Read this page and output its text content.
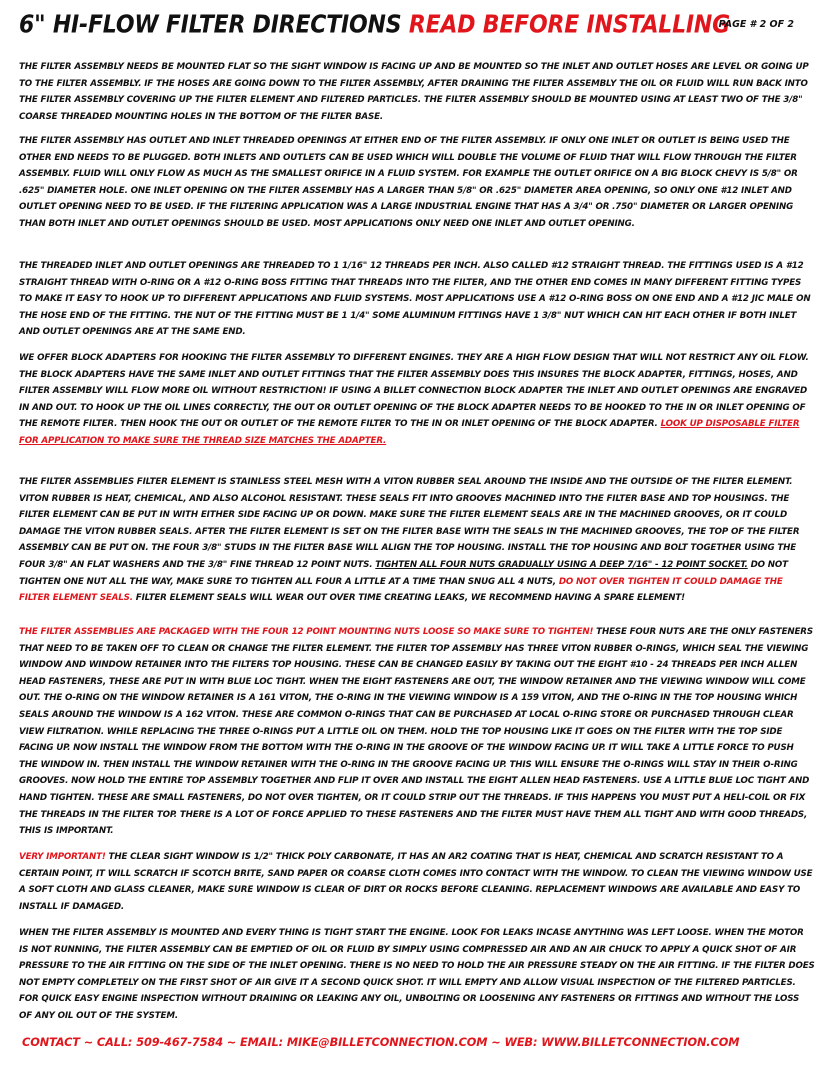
6" HI-FLOW FILTER DIRECTIONS READ BEFORE INSTALLING
PAGE # 2 OF 2
THE FILTER ASSEMBLY NEEDS BE MOUNTED FLAT SO THE SIGHT WINDOW IS FACING UP AND BE MOUNTED SO THE INLET AND OUTLET HOSES ARE LEVEL OR GOING UP TO THE FILTER ASSEMBLY. IF THE HOSES ARE GOING DOWN TO THE FILTER ASSEMBLY, AFTER DRAINING THE FILTER ASSEMBLY THE OIL OR FLUID WILL RUN BACK INTO THE FILTER ASSEMBLY COVERING UP THE FILTER ELEMENT AND FILTERED PARTICLES. THE FILTER ASSEMBLY SHOULD BE MOUNTED USING AT LEAST TWO OF THE 3/8" COARSE THREADED MOUNTING HOLES IN THE BOTTOM OF THE FILTER BASE.
THE FILTER ASSEMBLY HAS OUTLET AND INLET THREADED OPENINGS AT EITHER END OF THE FILTER ASSEMBLY. IF ONLY ONE INLET OR OUTLET IS BEING USED THE OTHER END NEEDS TO BE PLUGGED. BOTH INLETS AND OUTLETS CAN BE USED WHICH WILL DOUBLE THE VOLUME OF FLUID THAT WILL FLOW THROUGH THE FILTER ASSEMBLY. FLUID WILL ONLY FLOW AS MUCH AS THE SMALLEST ORIFICE IN A FLUID SYSTEM. FOR EXAMPLE THE OUTLET ORIFICE ON A BIG BLOCK CHEVY IS 5/8" OR .625" DIAMETER HOLE. ONE INLET OPENING ON THE FILTER ASSEMBLY HAS A LARGER THAN 5/8" OR .625" DIAMETER AREA OPENING, SO ONLY ONE #12 INLET AND OUTLET OPENING NEED TO BE USED. IF THE FILTERING APPLICATION WAS A LARGE INDUSTRIAL ENGINE THAT HAS A 3/4" OR .750" DIAMETER OR LARGER OPENING THAN BOTH INLET AND OUTLET OPENINGS SHOULD BE USED. MOST APPLICATIONS ONLY NEED ONE INLET AND OUTLET OPENING.
THE THREADED INLET AND OUTLET OPENINGS ARE THREADED TO 1 1/16" 12 THREADS PER INCH. ALSO CALLED #12 STRAIGHT THREAD. THE FITTINGS USED IS A #12 STRAIGHT THREAD WITH O-RING OR A #12 O-RING BOSS FITTING THAT THREADS INTO THE FILTER, AND THE OTHER END COMES IN MANY DIFFERENT FITTING TYPES TO MAKE IT EASY TO HOOK UP TO DIFFERENT APPLICATIONS AND FLUID SYSTEMS. MOST APPLICATIONS USE A #12 O-RING BOSS ON ONE END AND A #12 JIC MALE ON THE HOSE END OF THE FITTING. THE NUT OF THE FITTING MUST BE 1 1/4" SOME ALUMINUM FITTINGS HAVE 1 3/8" NUT WHICH CAN HIT EACH OTHER IF BOTH INLET AND OUTLET OPENINGS ARE AT THE SAME END.
WE OFFER BLOCK ADAPTERS FOR HOOKING THE FILTER ASSEMBLY TO DIFFERENT ENGINES. THEY ARE A HIGH FLOW DESIGN THAT WILL NOT RESTRICT ANY OIL FLOW. THE BLOCK ADAPTERS HAVE THE SAME INLET AND OUTLET FITTINGS THAT THE FILTER ASSEMBLY DOES THIS INSURES THE BLOCK ADAPTER, FITTINGS, HOSES, AND FILTER ASSEMBLY WILL FLOW MORE OIL WITHOUT RESTRICTION! IF USING A BILLET CONNECTION BLOCK ADAPTER THE INLET AND OUTLET OPENINGS ARE ENGRAVED IN AND OUT. TO HOOK UP THE OIL LINES CORRECTLY, THE OUT OR OUTLET OPENING OF THE BLOCK ADAPTER NEEDS TO BE HOOKED TO THE IN OR INLET OPENING OF THE REMOTE FILTER. THEN HOOK THE OUT OR OUTLET OF THE REMOTE FILTER TO THE IN OR INLET OPENING OF THE BLOCK ADAPTER. LOOK UP DISPOSABLE FILTER FOR APPLICATION TO MAKE SURE THE THREAD SIZE MATCHES THE ADAPTER.
THE FILTER ASSEMBLIES FILTER ELEMENT IS STAINLESS STEEL MESH WITH A VITON RUBBER SEAL AROUND THE INSIDE AND THE OUTSIDE OF THE FILTER ELEMENT. VITON RUBBER IS HEAT, CHEMICAL, AND ALSO ALCOHOL RESISTANT. THESE SEALS FIT INTO GROOVES MACHINED INTO THE FILTER BASE AND TOP HOUSINGS. THE FILTER ELEMENT CAN BE PUT IN WITH EITHER SIDE FACING UP OR DOWN. MAKE SURE THE FILTER ELEMENT SEALS ARE IN THE MACHINED GROOVES, OR IT COULD DAMAGE THE VITON RUBBER SEALS. AFTER THE FILTER ELEMENT IS SET ON THE FILTER BASE WITH THE SEALS IN THE MACHINED GROOVES, THE TOP OF THE FILTER ASSEMBLY CAN BE PUT ON. THE FOUR 3/8" STUDS IN THE FILTER BASE WILL ALIGN THE TOP HOUSING. INSTALL THE TOP HOUSING AND BOLT TOGETHER USING THE FOUR 3/8" AN FLAT WASHERS AND THE 3/8" FINE THREAD 12 POINT NUTS. TIGHTEN ALL FOUR NUTS GRADUALLY USING A DEEP 7/16" - 12 POINT SOCKET. DO NOT TIGHTEN ONE NUT ALL THE WAY, MAKE SURE TO TIGHTEN ALL FOUR A LITTLE AT A TIME THAN SNUG ALL 4 NUTS, DO NOT OVER TIGHTEN IT COULD DAMAGE THE FILTER ELEMENT SEALS. FILTER ELEMENT SEALS WILL WEAR OUT OVER TIME CREATING LEAKS, WE RECOMMEND HAVING A SPARE ELEMENT!
THE FILTER ASSEMBLIES ARE PACKAGED WITH THE FOUR 12 POINT MOUNTING NUTS LOOSE SO MAKE SURE TO TIGHTEN! THESE FOUR NUTS ARE THE ONLY FASTENERS THAT NEED TO BE TAKEN OFF TO CLEAN OR CHANGE THE FILTER ELEMENT. THE FILTER TOP ASSEMBLY HAS THREE VITON RUBBER O-RINGS, WHICH SEAL THE VIEWING WINDOW AND WINDOW RETAINER INTO THE FILTERS TOP HOUSING. THESE CAN BE CHANGED EASILY BY TAKING OUT THE EIGHT #10 - 24 THREADS PER INCH ALLEN HEAD FASTENERS, THESE ARE PUT IN WITH BLUE LOC TIGHT. WHEN THE EIGHT FASTENERS ARE OUT, THE WINDOW RETAINER AND THE VIEWING WINDOW WILL COME OUT. THE O-RING ON THE WINDOW RETAINER IS A 161 VITON, THE O-RING IN THE VIEWING WINDOW IS A 159 VITON, AND THE O-RING IN THE TOP HOUSING WHICH SEALS AROUND THE WINDOW IS A 162 VITON. THESE ARE COMMON O-RINGS THAT CAN BE PURCHASED AT LOCAL O-RING STORE OR PURCHASED THROUGH CLEAR VIEW FILTRATION. WHILE REPLACING THE THREE O-RINGS PUT A LITTLE OIL ON THEM. HOLD THE TOP HOUSING LIKE IT GOES ON THE FILTER WITH THE TOP SIDE FACING UP. NOW INSTALL THE WINDOW FROM THE BOTTOM WITH THE O-RING IN THE GROOVE OF THE WINDOW FACING UP. IT WILL TAKE A LITTLE FORCE TO PUSH THE WINDOW IN. THEN INSTALL THE WINDOW RETAINER WITH THE O-RING IN THE GROOVE FACING UP. THIS WILL ENSURE THE O-RINGS WILL STAY IN THEIR O-RING GROOVES. NOW HOLD THE ENTIRE TOP ASSEMBLY TOGETHER AND FLIP IT OVER AND INSTALL THE EIGHT ALLEN HEAD FASTENERS. USE A LITTLE BLUE LOC TIGHT AND HAND TIGHTEN. THESE ARE SMALL FASTENERS, DO NOT OVER TIGHTEN, OR IT COULD STRIP OUT THE THREADS. IF THIS HAPPENS YOU MUST PUT A HELI-COIL OR FIX THE THREADS IN THE FILTER TOP. THERE IS A LOT OF FORCE APPLIED TO THESE FASTENERS AND THE FILTER MUST HAVE THEM ALL TIGHT AND WITH GOOD THREADS, THIS IS IMPORTANT.
VERY IMPORTANT! THE CLEAR SIGHT WINDOW IS 1/2" THICK POLY CARBONATE, IT HAS AN AR2 COATING THAT IS HEAT, CHEMICAL AND SCRATCH RESISTANT TO A CERTAIN POINT, IT WILL SCRATCH IF SCOTCH BRITE, SAND PAPER OR COARSE CLOTH COMES INTO CONTACT WITH THE WINDOW. TO CLEAN THE VIEWING WINDOW USE A SOFT CLOTH AND GLASS CLEANER, MAKE SURE WINDOW IS CLEAR OF DIRT OR ROCKS BEFORE CLEANING. REPLACEMENT WINDOWS ARE AVAILABLE AND EASY TO INSTALL IF DAMAGED.
WHEN THE FILTER ASSEMBLY IS MOUNTED AND EVERY THING IS TIGHT START THE ENGINE. LOOK FOR LEAKS INCASE ANYTHING WAS LEFT LOOSE. WHEN THE MOTOR IS NOT RUNNING, THE FILTER ASSEMBLY CAN BE EMPTIED OF OIL OR FLUID BY SIMPLY USING COMPRESSED AIR AND AN AIR CHUCK TO APPLY A QUICK SHOT OF AIR PRESSURE TO THE AIR FITTING ON THE SIDE OF THE INLET OPENING. THERE IS NO NEED TO HOLD THE AIR PRESSURE STEADY ON THE AIR FITTING. IF THE FILTER DOES NOT EMPTY COMPLETELY ON THE FIRST SHOT OF AIR GIVE IT A SECOND QUICK SHOT. IT WILL EMPTY AND ALLOW VISUAL INSPECTION OF THE FILTERED PARTICLES. FOR QUICK EASY ENGINE INSPECTION WITHOUT DRAINING OR LEAKING ANY OIL, UNBOLTING OR LOOSENING ANY FASTENERS OR FITTINGS AND WITHOUT THE LOSS OF ANY OIL OUT OF THE SYSTEM.
CONTACT ~ CALL: 509-467-7584 ~ EMAIL: MIKE@BILLETCONNECTION.COM ~ WEB: WWW.BILLETCONNECTION.COM
